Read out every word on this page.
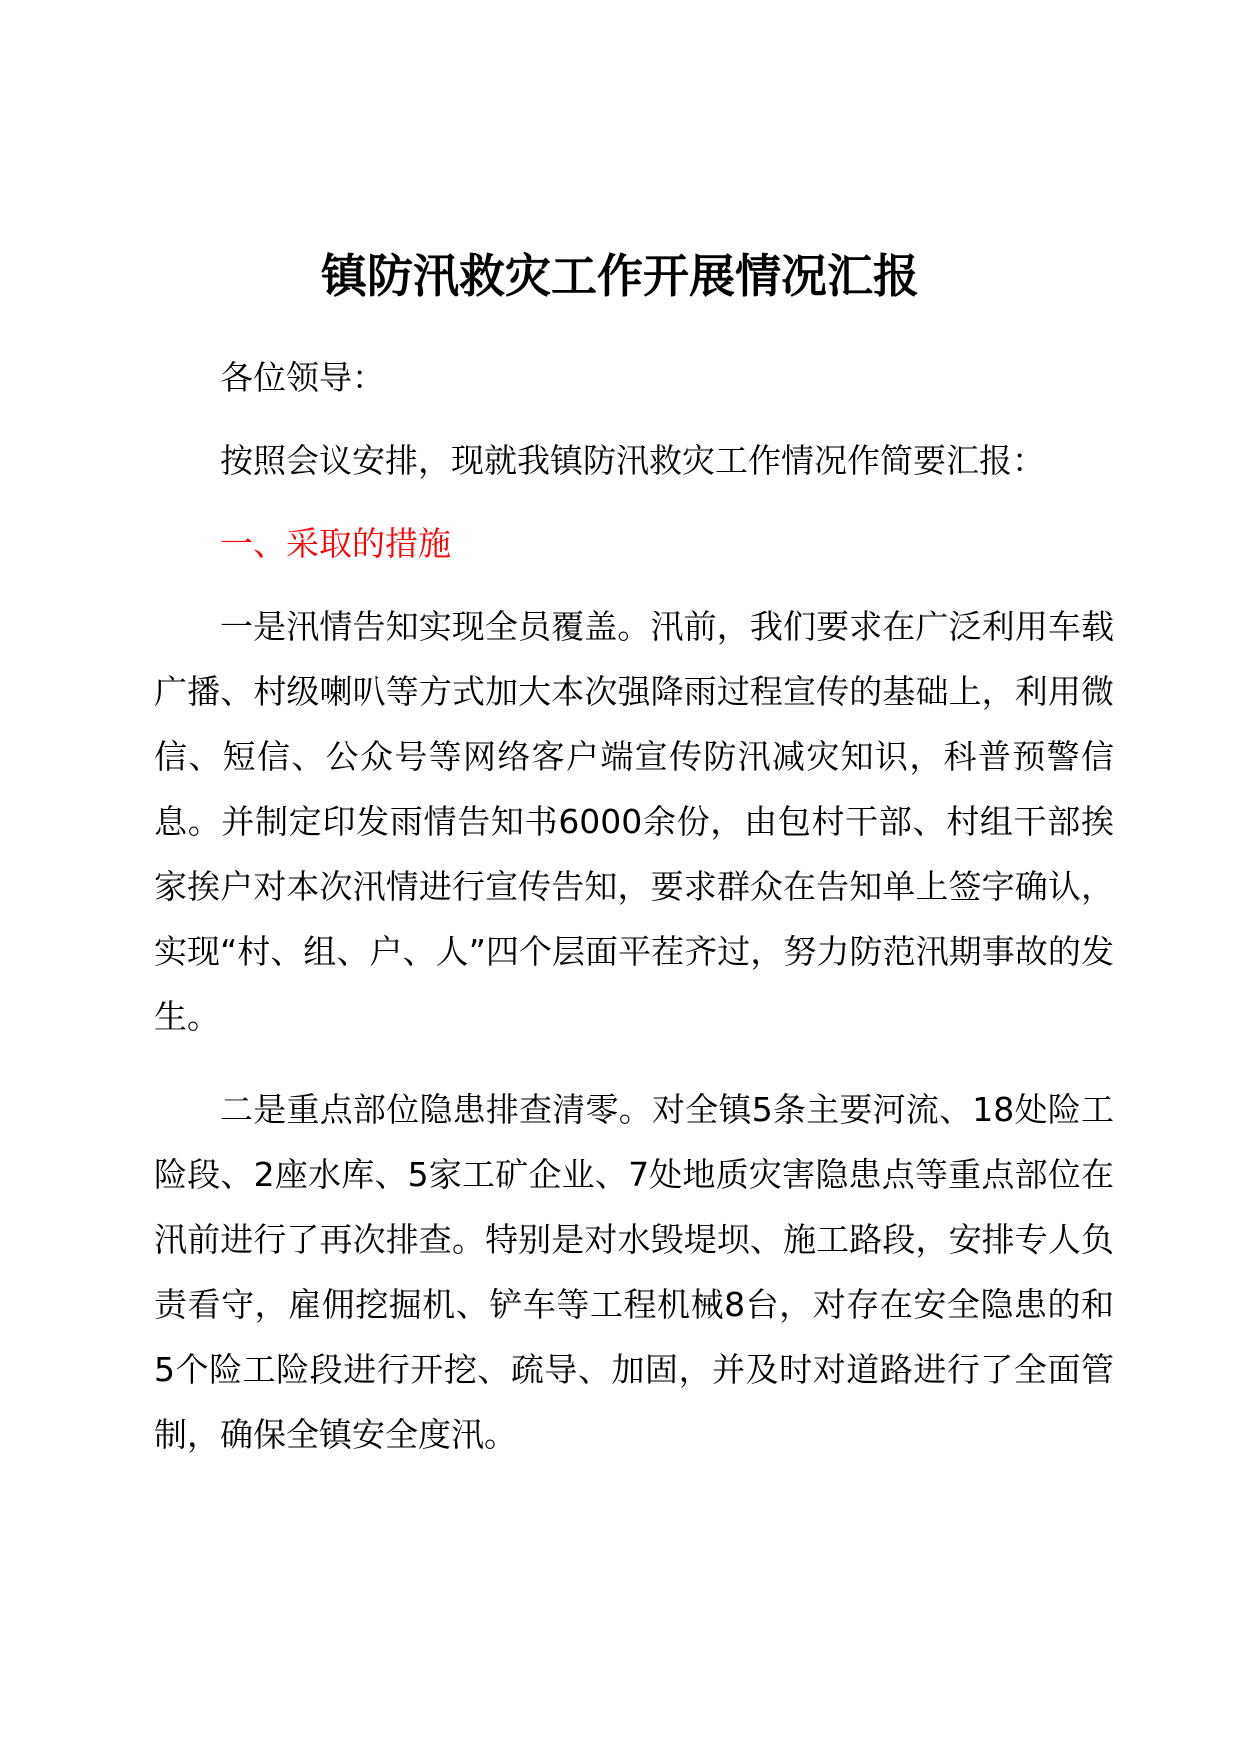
镇防汛救灾工作开展情况汇报

各位领导：

按照会议安排，现就我镇防汛救灾工作情况作简要汇报：

一、采取的措施

一是汛情告知实现全员覆盖。汛前，我们要求在广泛利用车载广播、村级喇叭等方式加大本次强降雨过程宣传的基础上，利用微信、短信、公众号等网络客户端宣传防汛减灾知识，科普预警信息。并制定印发雨情告知书6000余份，由包村干部、村组干部挨家挨户对本次汛情进行宣传告知，要求群众在告知单上签字确认，实现“村、组、户、人”四个层面平茬齐过，努力防范汛期事故的发生。

二是重点部位隐患排查清零。对全镇5条主要河流、18处险工险段、2座水库、5家工矿企业、7处地质灾害隐患点等重点部位在汛前进行了再次排查。特别是对水毁堤坝、施工路段，安排专人负责看守，雇佣挖掘机、铲车等工程机械8台，对存在安全隐患的和5个险工险段进行开挖、疏导、加固，并及时对道路进行了全面管制，确保全镇安全度汛。
